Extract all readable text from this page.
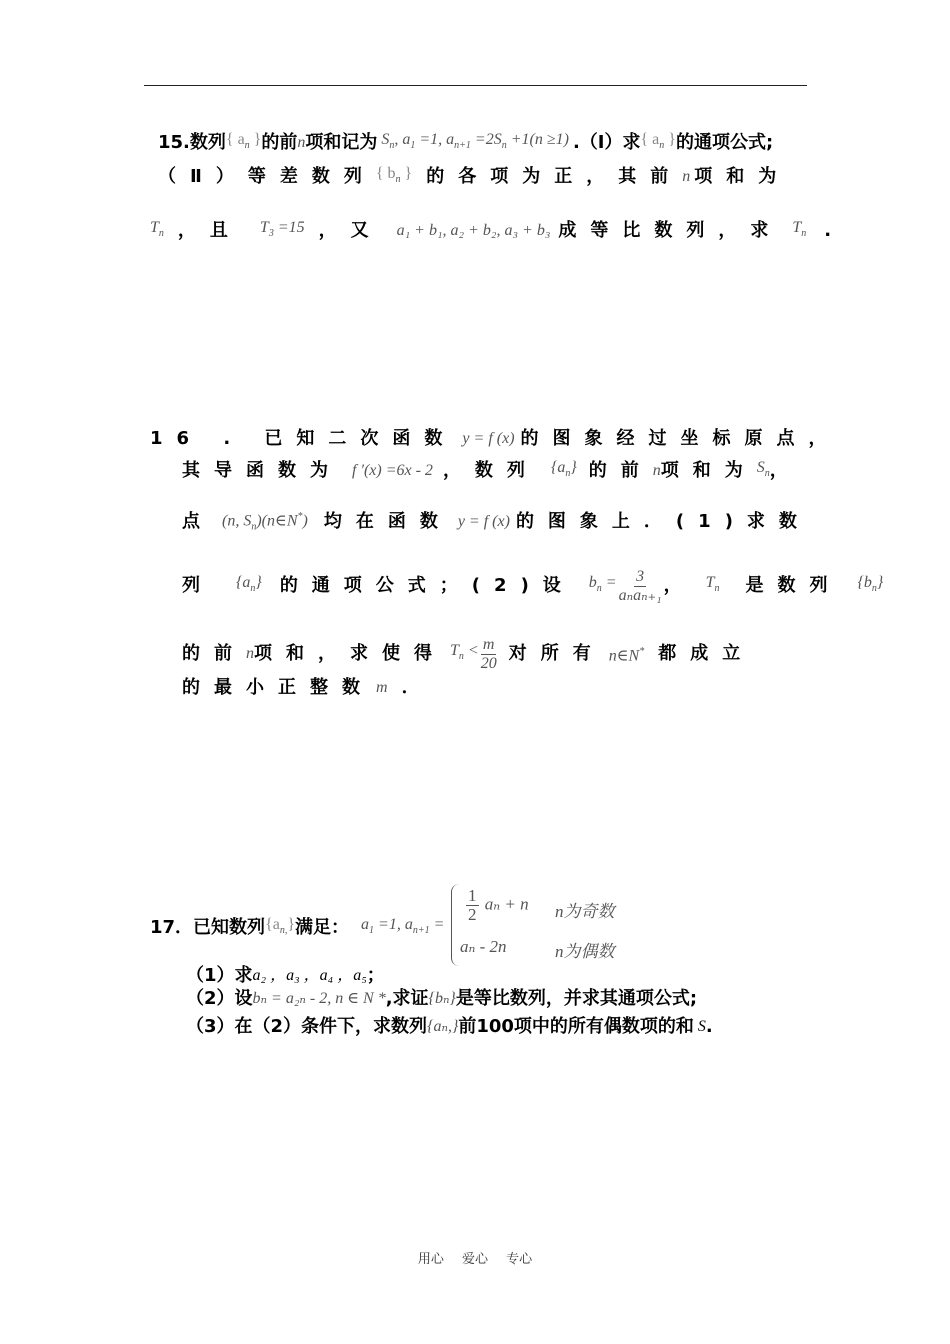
15.数列 { $a_n$ } 的前 n 项和记为 $S_n$, $a_1 =1$, $a_{n+1} =2S_n +1(n \ge 1)$ .（Ⅰ）求 { $a_n$ } 的通项公式;
（Ⅱ）等差数列 { $b_n$ } 的各项为正，其前 n 项和为
$T_n$ ，且 $T_3 =15$ ，又 a₁ + b₁, a₂ + b₂, a₃ + b₃ 成等比数列，求 $T_n$ .
16 . 已知二次函数 y = f (x) 的图象经过坐标原点，
其导函数为 f ′(x) =6x - 2 ，数列 $\{a_n\}$ 的前 n 项和为 $S_n$ ，
点 (n, $S_n)(n\in N^*)$ 均在函数 y = f (x) 的图象上．(1)求数
列 $\{a_n\}$ 的通项公式；(2)设 $b_n = \frac{3}{\text{aₙaₙ₊₁}}$ ， $T_n$ 是数列 $\{b_n\}$
的前 n 项和，求使得 $T_n < \frac{m}{20}$ 对所有 n∈N* 都成立
的最小正整数 m ．
17．已知数列 $\{a_{n,}\}$ 满足： $a_1 =1$, $a_{n+1}$ =
$\frac{1}{2}$ aₙ + n n为奇数
aₙ - 2n	n为偶数
（1）求 a₂ ，a₃ ，a₄ ，a₅ ；
（2）设 bₙ = a₂ₙ - 2, n ∈ N * ,求证 {bₙ} 是等比数列，并求其通项公式;
（3）在（2）条件下，求数列 {aₙ,} 前100项中的所有偶数项的和 S .
用心 爱心 专心
